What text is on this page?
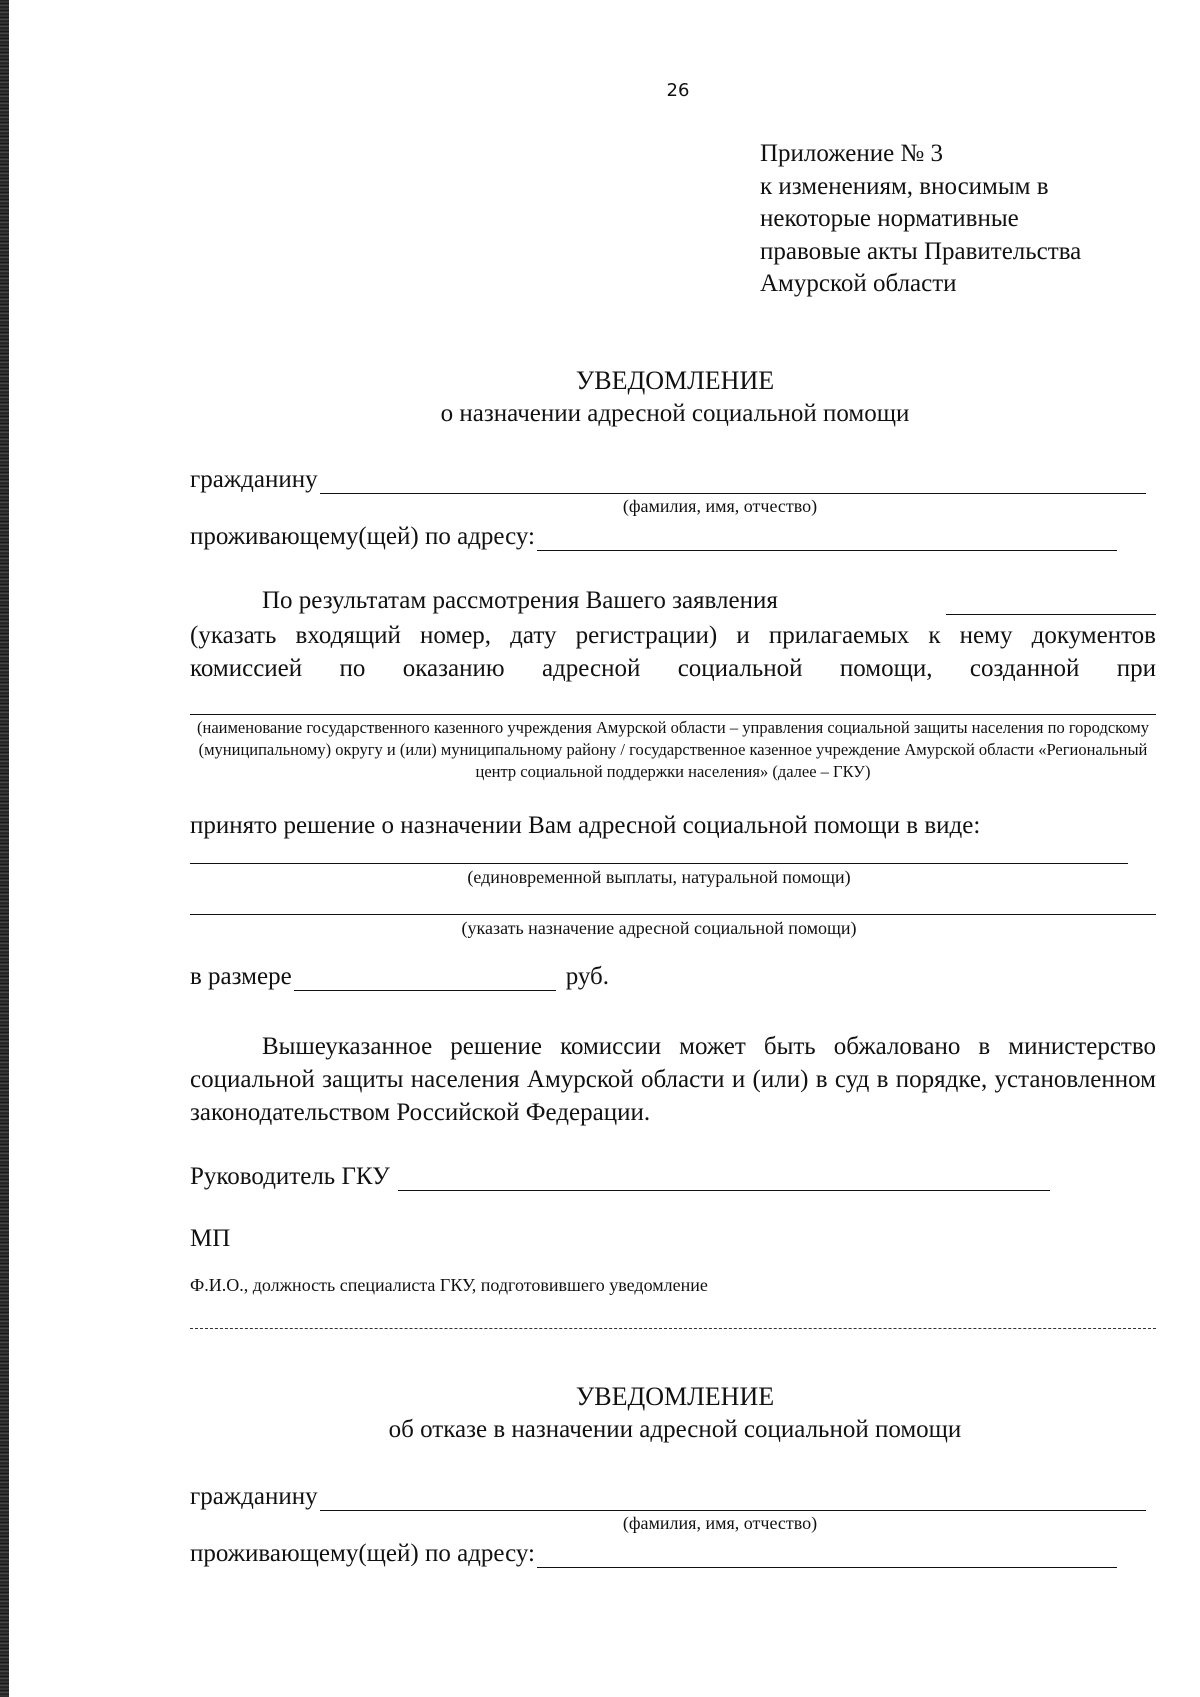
26
Приложение № 3
к изменениям, вносимым в
некоторые нормативные
правовые акты Правительства
Амурской области
УВЕДОМЛЕНИЕ
о назначении адресной социальной помощи
гражданину
(фамилия, имя, отчество)
проживающему(щей) по адресу:
По результатам рассмотрения Вашего заявления
(указать входящий номер, дату регистрации) и прилагаемых к нему документов
комиссией по оказанию адресной социальной помощи, созданной при
(наименование государственного казенного учреждения Амурской области – управления социальной защиты населения по городскому (муниципальному) округу и (или) муниципальному району / государственное казенное учреждение Амурской области «Региональный центр социальной поддержки населения» (далее – ГКУ)
принято решение о назначении Вам адресной социальной помощи в виде:
(единовременной выплаты, натуральной помощи)
(указать назначение адресной социальной помощи)
в размере	руб.
Вышеуказанное решение комиссии может быть обжаловано в министерство социальной защиты населения Амурской области и (или) в суд в порядке, установленном законодательством Российской Федерации.
Руководитель ГКУ
МП
Ф.И.О., должность специалиста ГКУ, подготовившего уведомление
УВЕДОМЛЕНИЕ
об отказе в назначении адресной социальной помощи
гражданину
(фамилия, имя, отчество)
проживающему(щей) по адресу:
